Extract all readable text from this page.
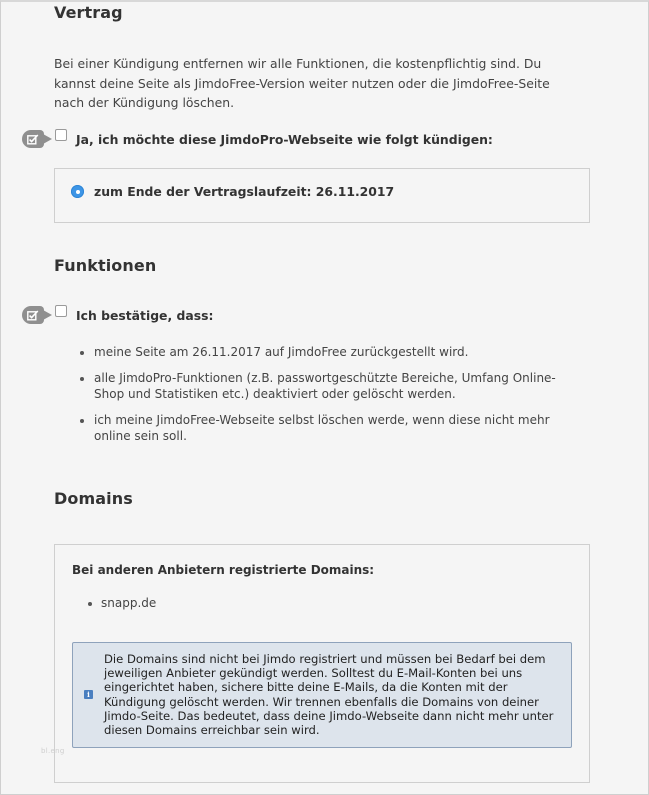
Vertrag

Bei einer Kündigung entfernen wir alle Funktionen, die kostenpflichtig sind. Du kannst deine Seite als JimdoFree-Version weiter nutzen oder die JimdoFree-Seite nach der Kündigung löschen.

Ja, ich möchte diese JimdoPro-Webseite wie folgt kündigen:
zum Ende der Vertragslaufzeit: 26.11.2017
Funktionen
Ich bestätige, dass:
meine Seite am 26.11.2017 auf JimdoFree zurückgestellt wird.
alle JimdoPro-Funktionen (z.B. passwortgeschützte Bereiche, Umfang Online-Shop und Statistiken etc.) deaktiviert oder gelöscht werden.
ich meine JimdoFree-Webseite selbst löschen werde, wenn diese nicht mehr online sein soll.
Domains
Bei anderen Anbietern registrierte Domains:
snapp.de
i

Die Domains sind nicht bei Jimdo registriert und müssen bei Bedarf bei dem jeweiligen Anbieter gekündigt werden. Solltest du E-Mail-Konten bei uns eingerichtet haben, sichere bitte deine E-Mails, da die Konten mit der Kündigung gelöscht werden. Wir trennen ebenfalls die Domains von deiner Jimdo-Seite. Das bedeutet, dass deine Jimdo-Webseite dann nicht mehr unter diesen Domains erreichbar sein wird.

bl.eng
